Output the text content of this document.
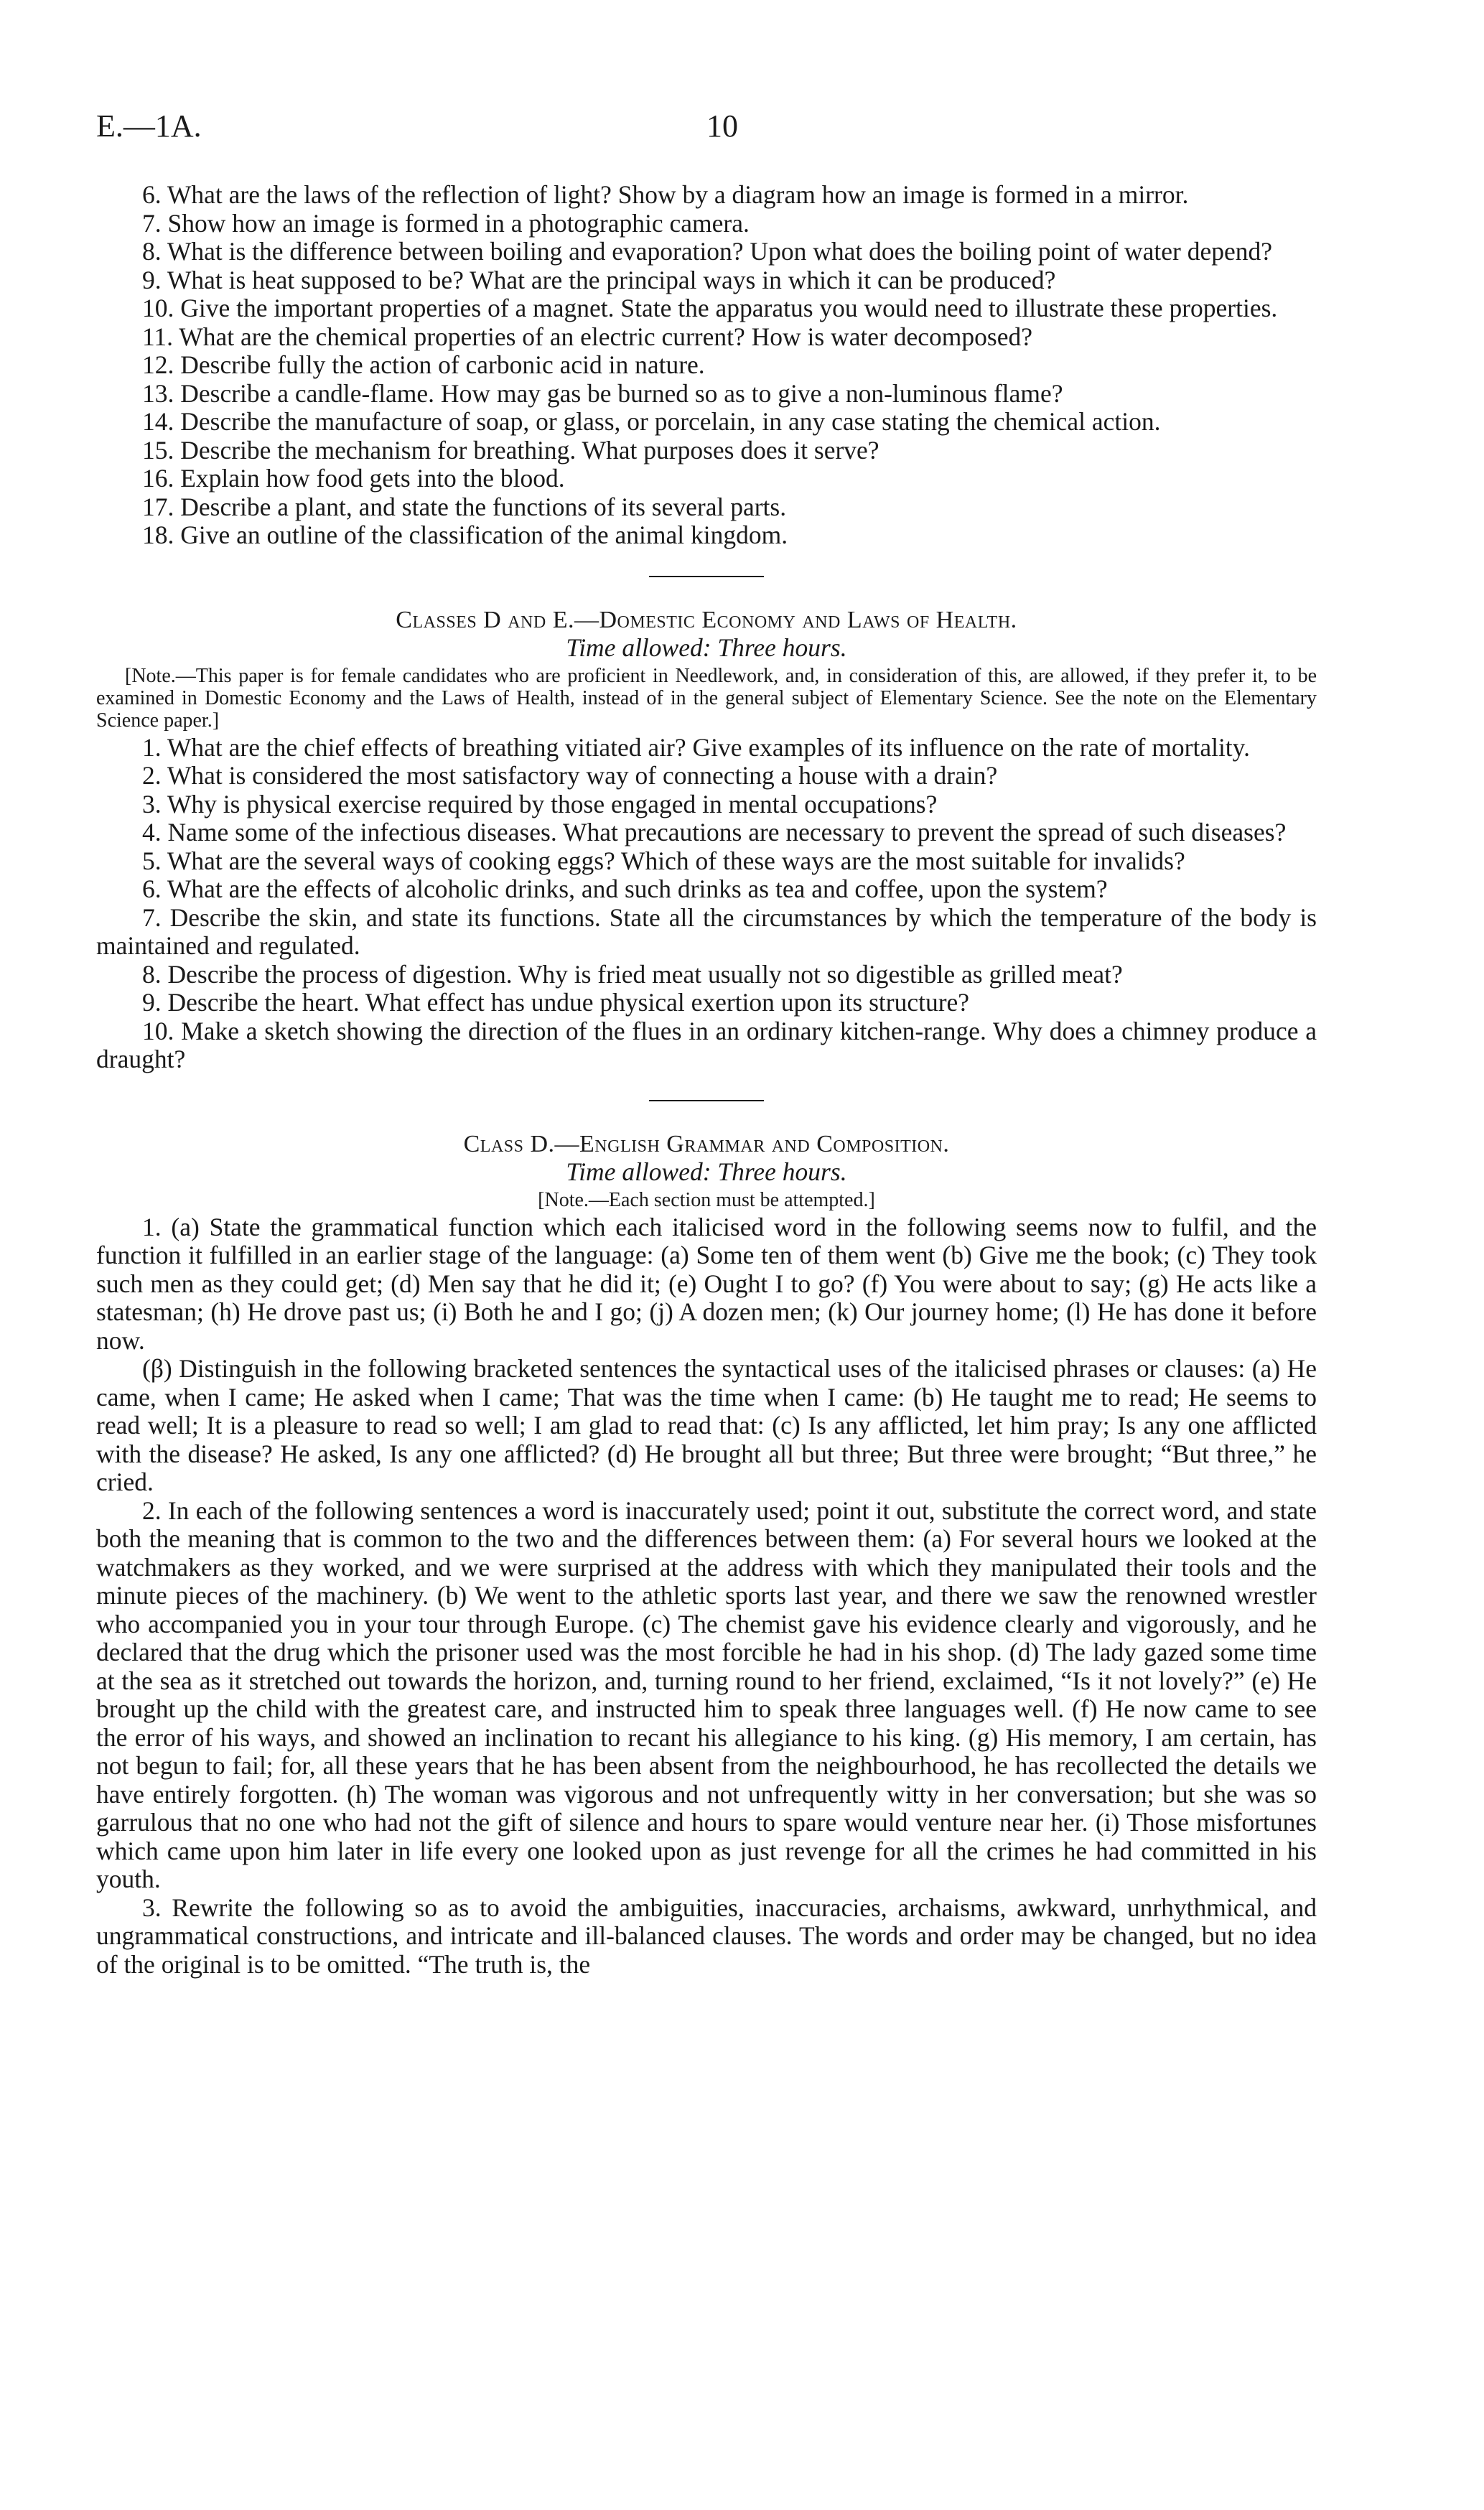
E.—1A.	10

6. What are the laws of the reflection of light? Show by a diagram how an image is formed in a mirror.

7. Show how an image is formed in a photographic camera.

8. What is the difference between boiling and evaporation? Upon what does the boiling point of water depend?

9. What is heat supposed to be? What are the principal ways in which it can be produced?

10. Give the important properties of a magnet. State the apparatus you would need to illustrate these properties.

11. What are the chemical properties of an electric current? How is water decomposed?

12. Describe fully the action of carbonic acid in nature.

13. Describe a candle-flame. How may gas be burned so as to give a non-luminous flame?

14. Describe the manufacture of soap, or glass, or porcelain, in any case stating the chemical action.

15. Describe the mechanism for breathing. What purposes does it serve?

16. Explain how food gets into the blood.

17. Describe a plant, and state the functions of its several parts.

18. Give an outline of the classification of the animal kingdom.

Classes D and E.—Domestic Economy and Laws of Health.

Time allowed: Three hours.

[Note.—This paper is for female candidates who are proficient in Needlework, and, in consideration of this, are allowed, if they prefer it, to be examined in Domestic Economy and the Laws of Health, instead of in the general subject of Elementary Science. See the note on the Elementary Science paper.]

1. What are the chief effects of breathing vitiated air? Give examples of its influence on the rate of mortality.

2. What is considered the most satisfactory way of connecting a house with a drain?

3. Why is physical exercise required by those engaged in mental occupations?

4. Name some of the infectious diseases. What precautions are necessary to prevent the spread of such diseases?

5. What are the several ways of cooking eggs? Which of these ways are the most suitable for invalids?

6. What are the effects of alcoholic drinks, and such drinks as tea and coffee, upon the system?

7. Describe the skin, and state its functions. State all the circumstances by which the temperature of the body is maintained and regulated.

8. Describe the process of digestion. Why is fried meat usually not so digestible as grilled meat?

9. Describe the heart. What effect has undue physical exertion upon its structure?

10. Make a sketch showing the direction of the flues in an ordinary kitchen-range. Why does a chimney produce a draught?

Class D.—English Grammar and Composition.

Time allowed: Three hours.

[Note.—Each section must be attempted.]

1. (a) State the grammatical function which each italicised word in the following seems now to fulfil, and the function it fulfilled in an earlier stage of the language: (a) Some ten of them went (b) Give me the book; (c) They took such men as they could get; (d) Men say that he did it; (e) Ought I to go? (f) You were about to say; (g) He acts like a statesman; (h) He drove past us; (i) Both he and I go; (j) A dozen men; (k) Our journey home; (l) He has done it before now.

(β) Distinguish in the following bracketed sentences the syntactical uses of the italicised phrases or clauses: (a) He came, when I came; He asked when I came; That was the time when I came: (b) He taught me to read; He seems to read well; It is a pleasure to read so well; I am glad to read that: (c) Is any afflicted, let him pray; Is any one afflicted with the disease? He asked, Is any one afflicted? (d) He brought all but three; But three were brought; “But three,” he cried.

2. In each of the following sentences a word is inaccurately used; point it out, substitute the correct word, and state both the meaning that is common to the two and the differences between them: (a) For several hours we looked at the watchmakers as they worked, and we were surprised at the address with which they manipulated their tools and the minute pieces of the machinery. (b) We went to the athletic sports last year, and there we saw the renowned wrestler who accompanied you in your tour through Europe. (c) The chemist gave his evidence clearly and vigorously, and he declared that the drug which the prisoner used was the most forcible he had in his shop. (d) The lady gazed some time at the sea as it stretched out towards the horizon, and, turning round to her friend, exclaimed, “Is it not lovely?” (e) He brought up the child with the greatest care, and instructed him to speak three languages well. (f) He now came to see the error of his ways, and showed an inclination to recant his allegiance to his king. (g) His memory, I am certain, has not begun to fail; for, all these years that he has been absent from the neighbourhood, he has recollected the details we have entirely forgotten. (h) The woman was vigorous and not unfrequently witty in her conversation; but she was so garrulous that no one who had not the gift of silence and hours to spare would venture near her. (i) Those misfortunes which came upon him later in life every one looked upon as just revenge for all the crimes he had committed in his youth.

3. Rewrite the following so as to avoid the ambiguities, inaccuracies, archaisms, awkward, unrhythmical, and ungrammatical constructions, and intricate and ill-balanced clauses. The words and order may be changed, but no idea of the original is to be omitted. “The truth is, the
